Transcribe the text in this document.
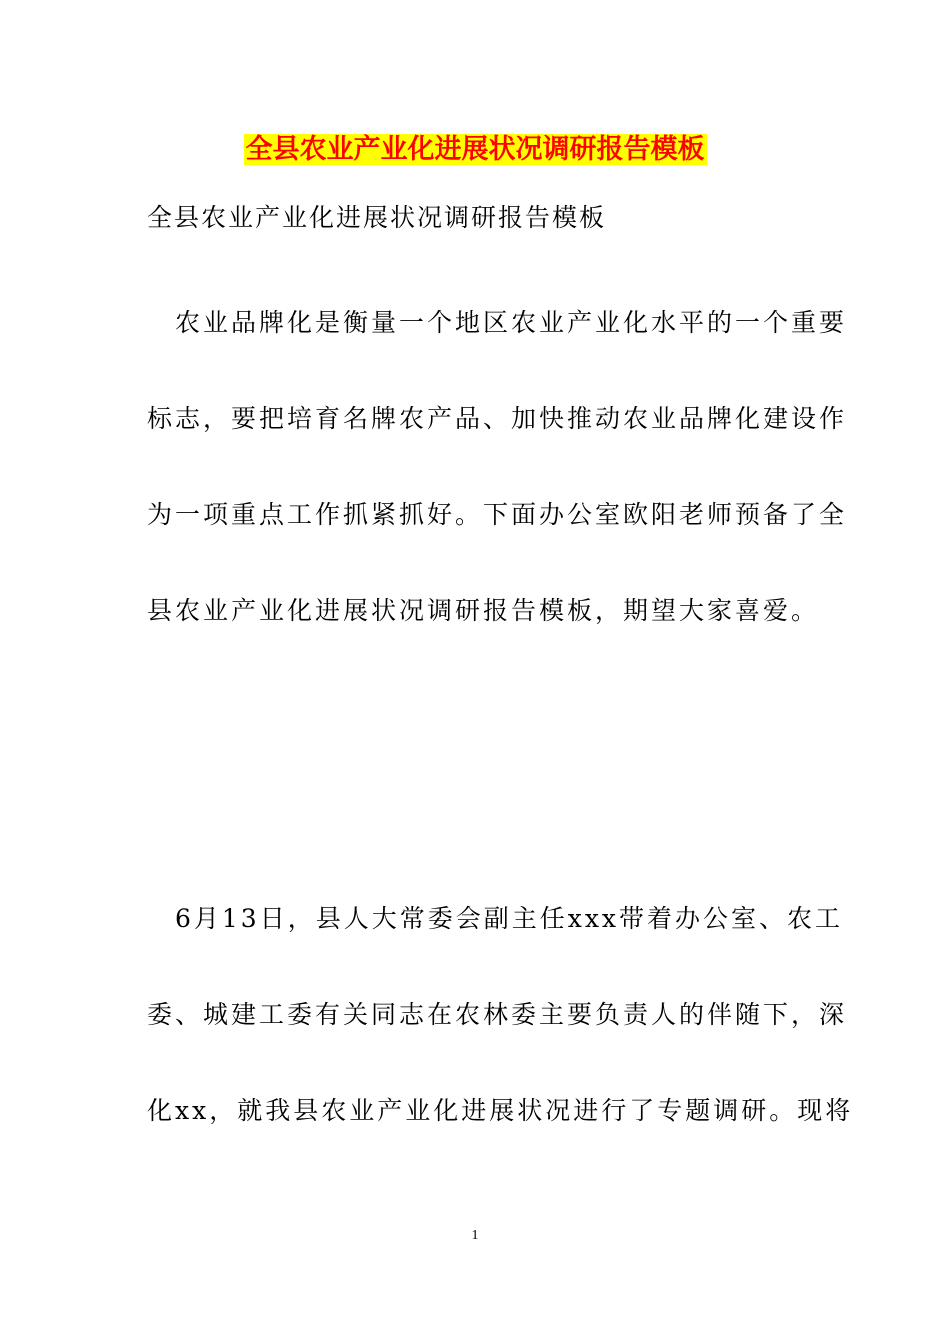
全县农业产业化进展状况调研报告模板
全县农业产业化进展状况调研报告模板
　农业品牌化是衡量一个地区农业产业化水平的一个重要
标志，要把培育名牌农产品、加快推动农业品牌化建设作
为一项重点工作抓紧抓好。下面办公室欧阳老师预备了全
县农业产业化进展状况调研报告模板，期望大家喜爱。
　6月13日，县人大常委会副主任xxx带着办公室、农工
委、城建工委有关同志在农林委主要负责人的伴随下，深
化xx，就我县农业产业化进展状况进行了专题调研。现将
1
